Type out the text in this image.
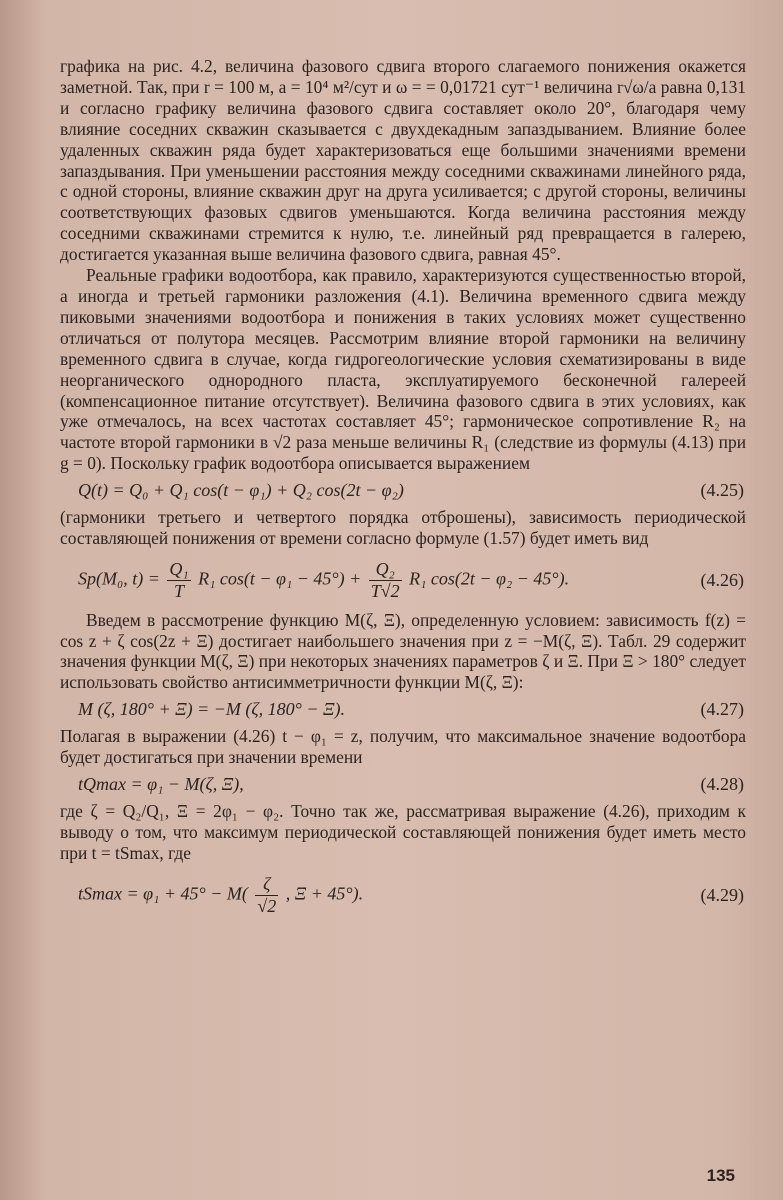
графика на рис. 4.2, величина фазового сдвига второго слагаемого понижения окажется заметной. Так, при r = 100 м, a = 10⁴ м²/сут и ω = = 0,01721 сут⁻¹ величина r√ω/a равна 0,131 и согласно графику величина фазового сдвига составляет около 20°, благодаря чему влияние соседних скважин сказывается с двухдекадным запаздыванием. Влияние более удаленных скважин ряда будет характеризоваться еще большими значениями времени запаздывания. При уменьшении расстояния между соседними скважинами линейного ряда, с одной стороны, влияние скважин друг на друга усиливается; с другой стороны, величины соответствующих фазовых сдвигов уменьшаются. Когда величина расстояния между соседними скважинами стремится к нулю, т.е. линейный ряд превращается в галерею, достигается указанная выше величина фазового сдвига, равная 45°.

Реальные графики водоотбора, как правило, характеризуются существенностью второй, а иногда и третьей гармоники разложения (4.1). Величина временного сдвига между пиковыми значениями водоотбора и понижения в таких условиях может существенно отличаться от полутора месяцев. Рассмотрим влияние второй гармоники на величину временного сдвига в случае, когда гидрогеологические условия схематизированы в виде неорганического однородного пласта, эксплуатируемого бесконечной галереей (компенсационное питание отсутствует). Величина фазового сдвига в этих условиях, как уже отмечалось, на всех частотах составляет 45°; гармоническое сопротивление R₂ на частоте второй гармоники в √2 раза меньше величины R₁ (следствие из формулы (4.13) при g = 0). Поскольку график водоотбора описывается выражением

Q(t) = Q₀ + Q₁ cos(t − φ₁) + Q₂ cos(2t − φ₂)	(4.25)

(гармоники третьего и четвертого порядка отброшены), зависимость периодической составляющей понижения от времени согласно формуле (1.57) будет иметь вид

Sp(M₀, $t) = \frac{\text{Q₁}}{T} R_1$ $\cos(t - \varphi_1 - 45^\circ) + \frac{\text{Q₂}}{T√2} R_1$ cos(2t − φ₂ − 45°).	(4.26)

Введем в рассмотрение функцию M(ζ, Ξ), определенную условием: зависимость f(z) = cos z + ζ cos(2z + Ξ) достигает наибольшего значения при z = −M(ζ, Ξ). Табл. 29 содержит значения функции M(ζ, Ξ) при некоторых значениях параметров ζ и Ξ. При Ξ > 180° следует использовать свойство антисимметричности функции M(ζ, Ξ):

M (ζ, 180° + Ξ) = −M (ζ, 180° − Ξ).	(4.27)

Полагая в выражении (4.26) t − φ₁ = z, получим, что максимальное значение водоотбора будет достигаться при значении времени

tQmax = φ₁ − M(ζ, Ξ),	(4.28)

где ζ = Q₂/Q₁, Ξ = 2φ₁ − φ₂. Точно так же, рассматривая выражение (4.26), приходим к выводу о том, что максимум периодической составляющей понижения будет иметь место при t = tSmax, где

$tSmax = \varphi_1 + 45^\circ - M( \frac{\zeta}{√2}$ , Ξ + 45°).	(4.29)
135
